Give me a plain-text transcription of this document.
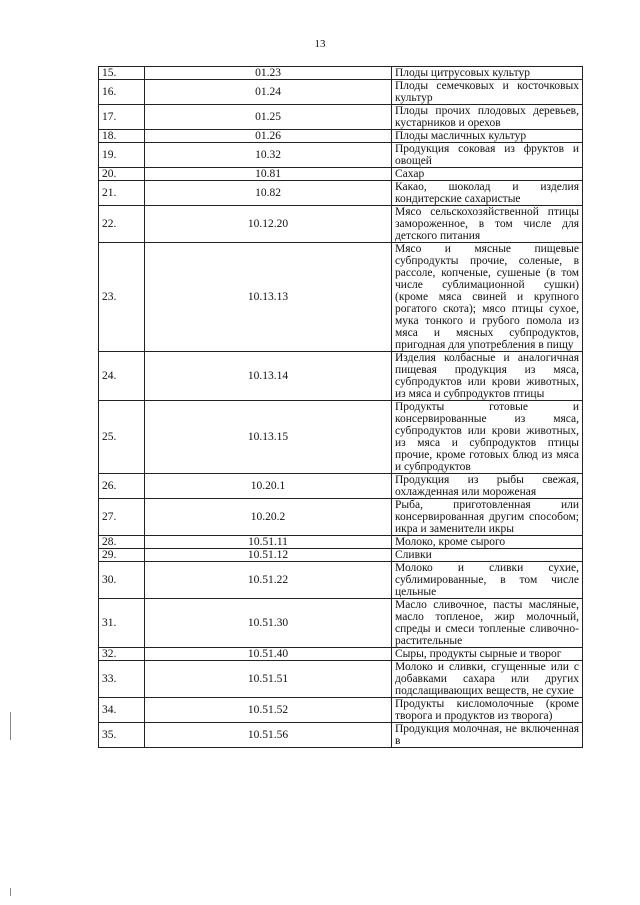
13
15.	01.23	Плоды цитрусовых культур
16.	01.24	Плоды семечковых и косточковых культур
17.	01.25	Плоды прочих плодовых деревьев, кустарников и орехов
18.	01.26	Плоды масличных культур
19.	10.32	Продукция соковая из фруктов и овощей
20.	10.81	Сахар
21.	10.82	Какао, шоколад и изделия кондитерские сахаристые
22.	10.12.20	Мясо сельскохозяйственной птицы замороженное, в том числе для детского питания
23.	10.13.13	Мясо и мясные пищевые субпродукты прочие, соленые, в рассоле, копченые, сушеные (в том числе сублимационной сушки) (кроме мяса свиней и крупного рогатого скота); мясо птицы сухое, мука тонкого и грубого помола из мяса и мясных субпродуктов, пригодная для употребления в пищу
24.	10.13.14	Изделия колбасные и аналогичная пищевая продукция из мяса, субпродуктов или крови животных, из мяса и субпродуктов птицы
25.	10.13.15	Продукты готовые и консервированные из мяса, субпродуктов или крови животных, из мяса и субпродуктов птицы прочие, кроме готовых блюд из мяса и субпродуктов
26.	10.20.1	Продукция из рыбы свежая, охлажденная или мороженая
27.	10.20.2	Рыба, приготовленная или консервированная другим способом; икра и заменители икры
28.	10.51.11	Молоко, кроме сырого
29.	10.51.12	Сливки
30.	10.51.22	Молоко и сливки сухие, сублимированные, в том числе цельные
31.	10.51.30	Масло сливочное, пасты масляные, масло топленое, жир молочный, спреды и смеси топленые сливочно-растительные
32.	10.51.40	Сыры, продукты сырные и творог
33.	10.51.51	Молоко и сливки, сгущенные или с добавками сахара или других подслащивающих веществ, не сухие
34.	10.51.52	Продукты кисломолочные (кроме творога и продуктов из творога)
35.	10.51.56	Продукция молочная, не включенная в
